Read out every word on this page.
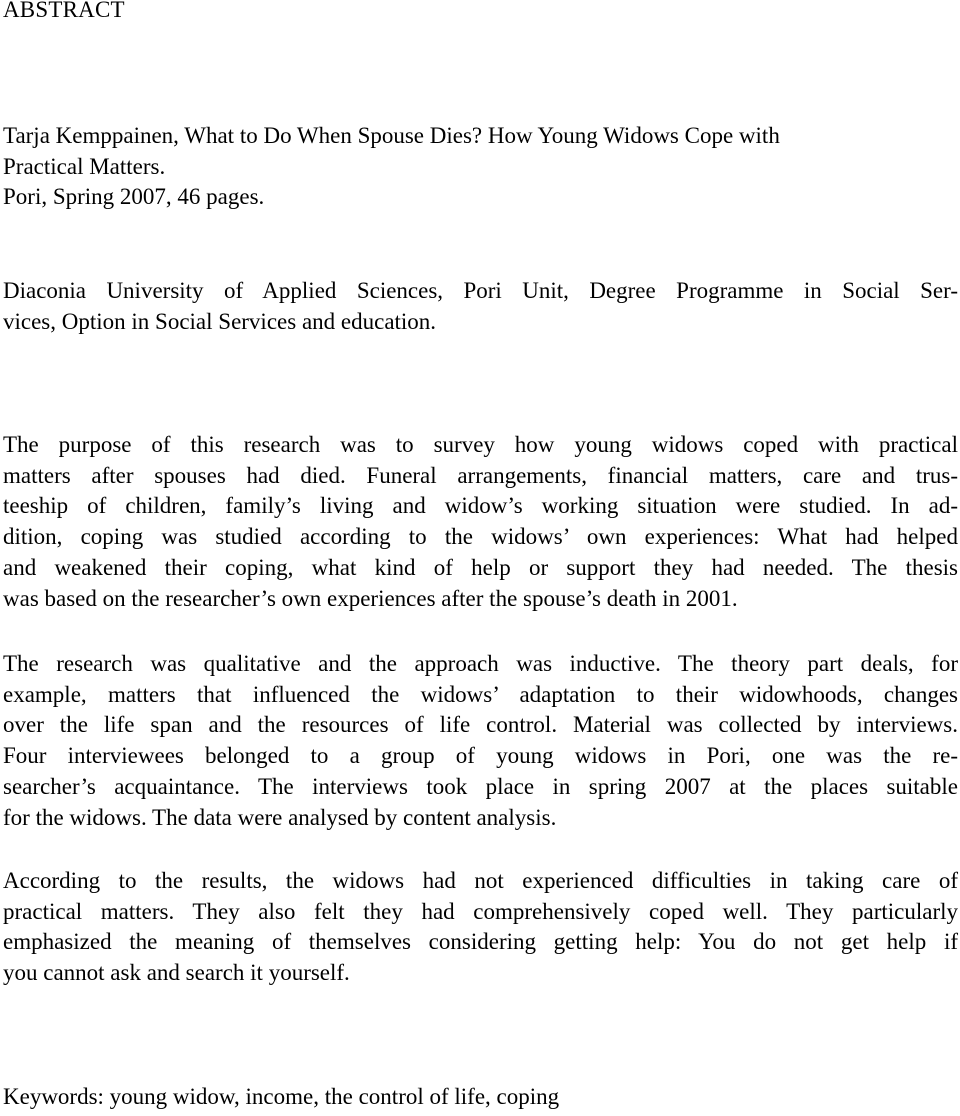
ABSTRACT
Tarja Kemppainen, What to Do When Spouse Dies? How Young Widows Cope with
Practical Matters.
Pori, Spring 2007, 46 pages.
Diaconia University of Applied Sciences, Pori Unit, Degree Programme in Social Ser-
vices, Option in Social Services and education.
The purpose of this research was to survey how young widows coped with practical
matters after spouses had died. Funeral arrangements, financial matters, care and trus-
teeship of children, family’s living and widow’s working situation were studied. In ad-
dition, coping was studied according to the widows’ own experiences: What had helped
and weakened their coping, what kind of help or support they had needed. The thesis
was based on the researcher’s own experiences after the spouse’s death in 2001.
The research was qualitative and the approach was inductive. The theory part deals, for
example, matters that influenced the widows’ adaptation to their widowhoods, changes
over the life span and the resources of life control. Material was collected by interviews.
Four interviewees belonged to a group of young widows in Pori, one was the re-
searcher’s acquaintance. The interviews took place in spring 2007 at the places suitable
for the widows. The data were analysed by content analysis.
According to the results, the widows had not experienced difficulties in taking care of
practical matters. They also felt they had comprehensively coped well. They particularly
emphasized the meaning of themselves considering getting help: You do not get help if
you cannot ask and search it yourself.
Keywords: young widow, income, the control of life, coping
